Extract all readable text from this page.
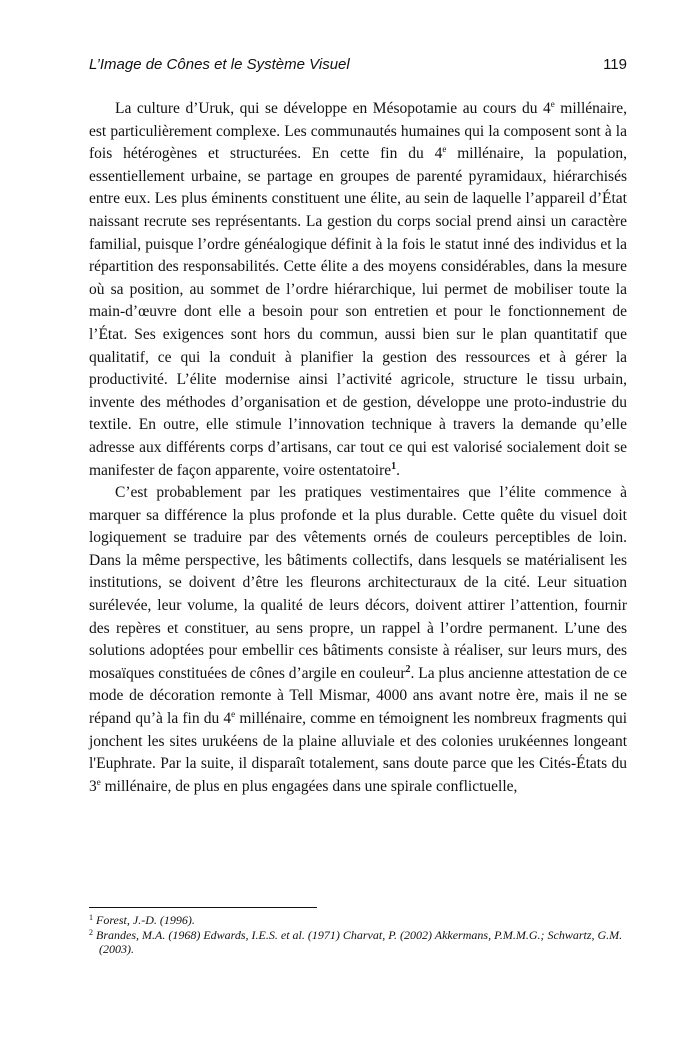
L’Image de Cônes et le Système Visuel	119

La culture d’Uruk, qui se développe en Mésopotamie au cours du 4e millénaire, est particulièrement complexe. Les communautés humaines qui la composent sont à la fois hétérogènes et structurées. En cette fin du 4e millénaire, la population, essentiellement urbaine, se partage en groupes de parenté pyramidaux, hiérarchisés entre eux. Les plus éminents constituent une élite, au sein de laquelle l’appareil d’État naissant recrute ses représentants. La gestion du corps social prend ainsi un caractère familial, puisque l’ordre généalogique définit à la fois le statut inné des individus et la répartition des responsabilités. Cette élite a des moyens considérables, dans la mesure où sa position, au sommet de l’ordre hiérarchique, lui permet de mobiliser toute la main-d’œuvre dont elle a besoin pour son entretien et pour le fonctionnement de l’État. Ses exigences sont hors du commun, aussi bien sur le plan quantitatif que qualitatif, ce qui la conduit à planifier la gestion des ressources et à gérer la productivité. L’élite modernise ainsi l’activité agricole, structure le tissu urbain, invente des méthodes d’organisation et de gestion, développe une proto-industrie du textile. En outre, elle stimule l’innovation technique à travers la demande qu’elle adresse aux différents corps d’artisans, car tout ce qui est valorisé socialement doit se manifester de façon apparente, voire ostentatoire$^1$.

C’est probablement par les pratiques vestimentaires que l’élite commence à marquer sa différence la plus profonde et la plus durable. Cette quête du visuel doit logiquement se traduire par des vêtements ornés de couleurs perceptibles de loin. Dans la même perspective, les bâtiments collectifs, dans lesquels se matérialisent les institutions, se doivent d’être les fleurons architecturaux de la cité. Leur situation surélevée, leur volume, la qualité de leurs décors, doivent attirer l’attention, fournir des repères et constituer, au sens propre, un rappel à l’ordre permanent. L’une des solutions adoptées pour embellir ces bâtiments consiste à réaliser, sur leurs murs, des mosaïques constituées de cônes d’argile en couleur$^2$. La plus ancienne attestation de ce mode de décoration remonte à Tell Mismar, 4000 ans avant notre ère, mais il ne se répand qu’à la fin du 4e millénaire, comme en témoignent les nombreux fragments qui jonchent les sites urukéens de la plaine alluviale et des colonies urukéennes longeant l'Euphrate. Par la suite, il disparaît totalement, sans doute parce que les Cités-États du 3e millénaire, de plus en plus engagées dans une spirale conflictuelle,

$^1$ Forest, J.-D. (1996).

$^2$ Brandes, M.A. (1968) Edwards, I.E.S. et al. (1971) Charvat, P. (2002) Akkermans, P.M.M.G.; Schwartz, G.M. (2003).
